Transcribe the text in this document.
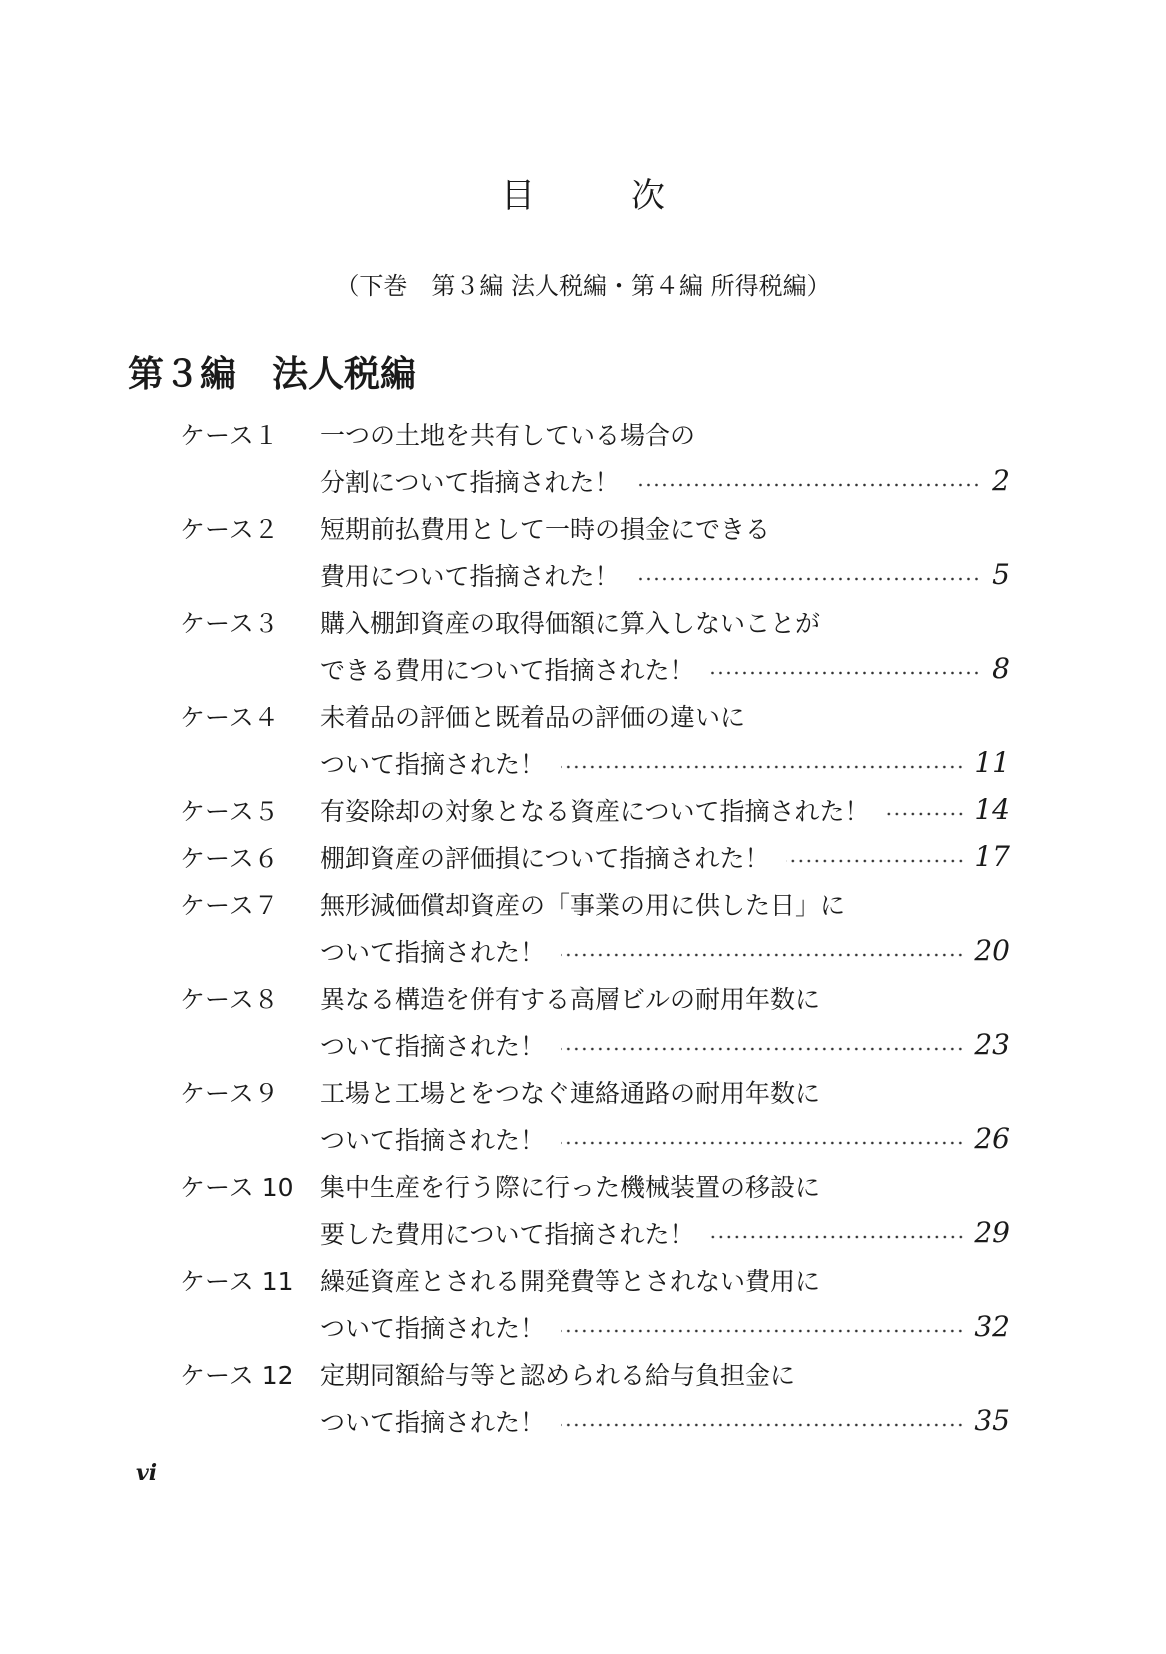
目	次
（下巻　第３編 法人税編・第４編 所得税編）
第３編 法人税編
ケース１	一つの土地を共有している場合の
分割について指摘された！	2
ケース２	短期前払費用として一時の損金にできる
費用について指摘された！	5
ケース３	購入棚卸資産の取得価額に算入しないことが
できる費用について指摘された！	8
ケース４	未着品の評価と既着品の評価の違いに
ついて指摘された！	11
ケース５	有姿除却の対象となる資産について指摘された！	14
ケース６	棚卸資産の評価損について指摘された！	17
ケース７	無形減価償却資産の「事業の用に供した日」に
ついて指摘された！	20
ケース８	異なる構造を併有する高層ビルの耐用年数に
ついて指摘された！	23
ケース９	工場と工場とをつなぐ連絡通路の耐用年数に
ついて指摘された！	26
ケース 10	集中生産を行う際に行った機械装置の移設に
要した費用について指摘された！	29
ケース 11	繰延資産とされる開発費等とされない費用に
ついて指摘された！	32
ケース 12	定期同額給与等と認められる給与負担金に
ついて指摘された！	35
vi
